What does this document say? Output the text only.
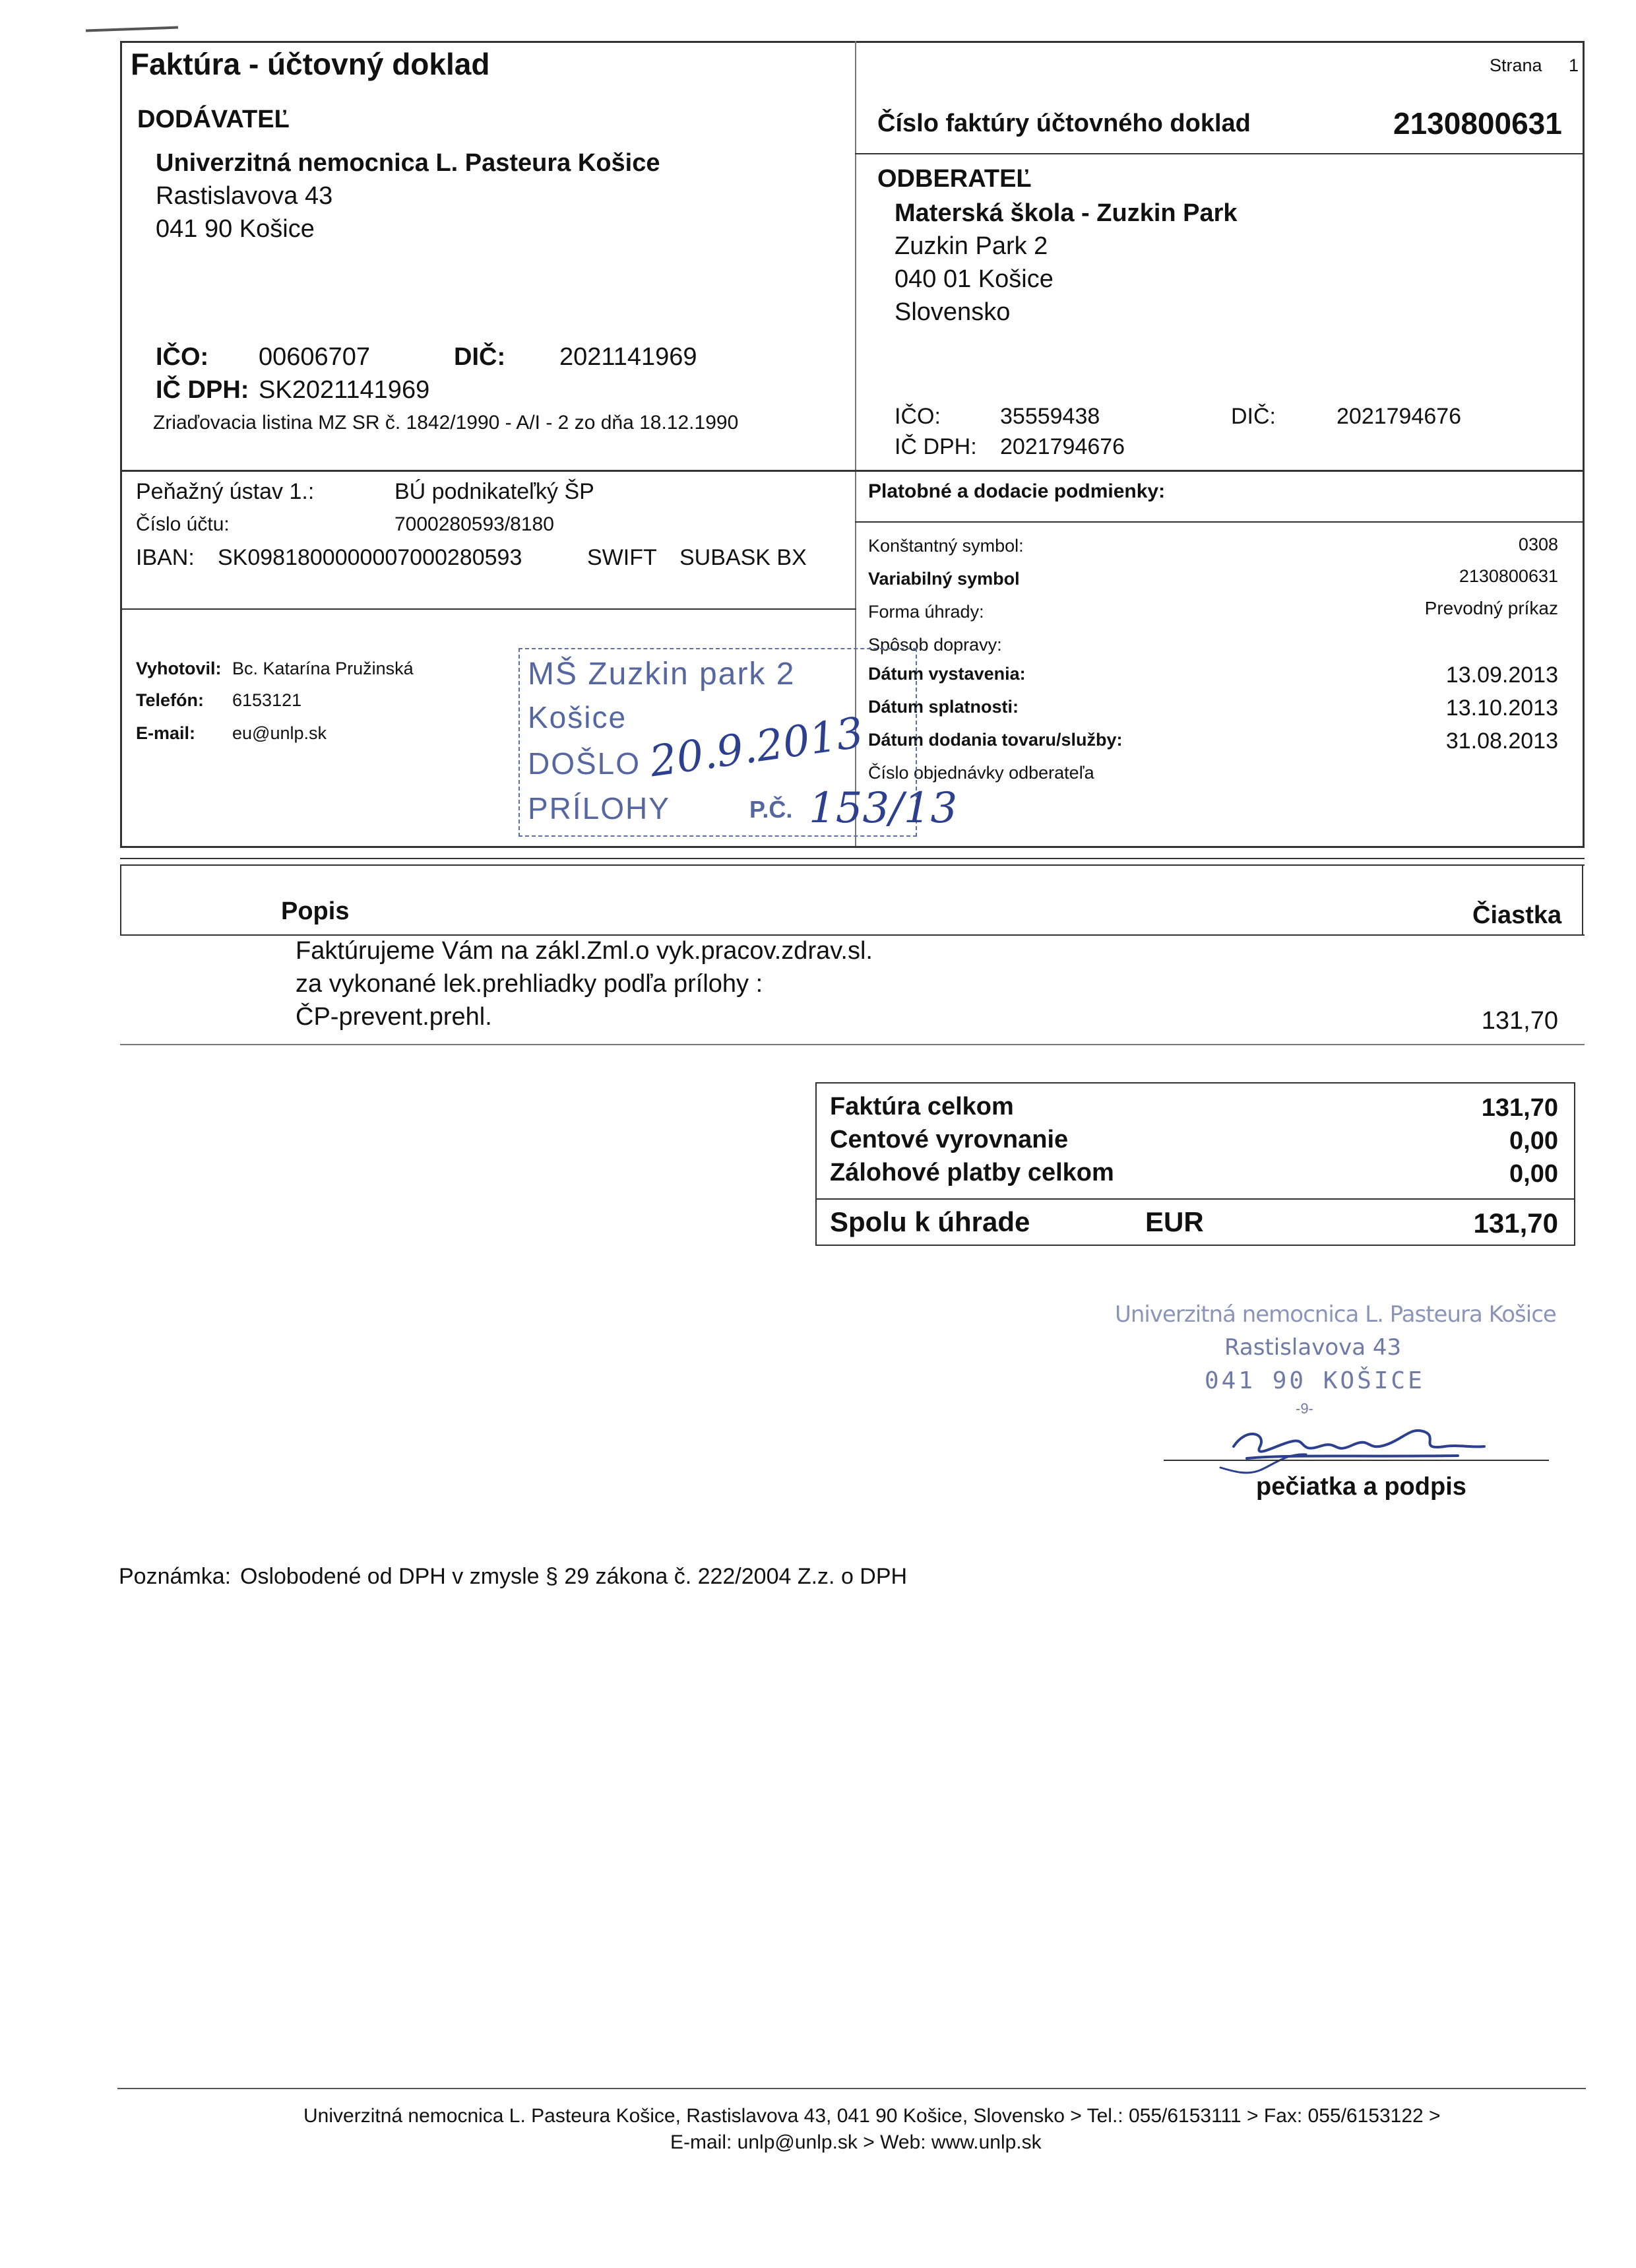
Faktúra - účtovný doklad	Strana 1
DODÁVATEĽ
Univerzitná nemocnica L. Pasteura Košice
Rastislavova 43
041 90 Košice
IČO: 00606707	DIČ: 2021141969
IČ DPH: SK2021141969
Zriaďovacia listina MZ SR č. 1842/1990 - A/I - 2 zo dňa 18.12.1990
Číslo faktúry účtovného doklad	2130800631
ODBERATEĽ
Materská škola - Zuzkin Park
Zuzkin Park 2
040 01 Košice
Slovensko
IČO:	35559438	DIČ:	2021794676
IČ DPH: 2021794676
Peňažný ústav 1.:	BÚ podnikateľký ŠP
Číslo účtu:	7000280593/8180
IBAN: SK0981800000007000280593	SWIFT SUBASK BX
Vyhotovil: Bc. Katarína Pružinská
Telefón: 6153121
E-mail: eu@unlp.sk
Platobné a dodacie podmienky:
Konštantný symbol:	0308
Variabilný symbol	2130800631
Forma úhrady:	Prevodný príkaz
Spôsob dopravy:
Dátum vystavenia:	13.09.2013
Dátum splatnosti:	13.10.2013
Dátum dodania tovaru/služby:	31.08.2013
Číslo objednávky odberateľa
MŠ Zuzkin park 2
Košice
DOŠLO 20.9.2013
PRÍLOHY	P.Č. 153/13
Popis	Čiastka
Faktúrujeme Vám na zákl.Zml.o vyk.pracov.zdrav.sl.
za vykonané lek.prehliadky podľa prílohy :
ČP-prevent.prehl.	131,70
Faktúra celkom	131,70
Centové vyrovnanie	0,00
Zálohové platby celkom	0,00
Spolu k úhrade	EUR	131,70
Univerzitná nemocnica L. Pasteura Košice
Rastislavova 43
041 90 KOŠICE
-9-
pečiatka a podpis
Poznámka: Oslobodené od DPH v zmysle § 29 zákona č. 222/2004 Z.z. o DPH
Univerzitná nemocnica L. Pasteura Košice, Rastislavova 43, 041 90 Košice, Slovensko > Tel.: 055/6153111 > Fax: 055/6153122 >
E-mail: unlp@unlp.sk > Web: www.unlp.sk
